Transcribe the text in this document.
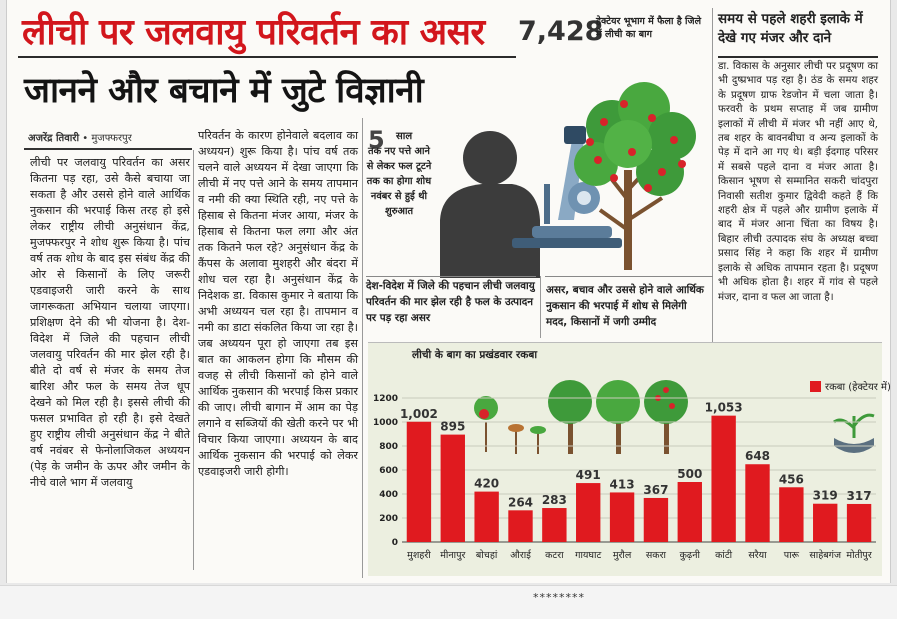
लीची पर जलवायु परिवर्तन का असर
जानने और बचाने में जुटे विज्ञानी
7,428
हेक्टेयर भूभाग में फैला है जिले में लीची का बाग
अजरेंद्र तिवारी • मुजफ्फरपुर
लीची पर जलवायु परिवर्तन का असर कितना पड़ रहा, उसे कैसे बचाया जा सकता है और उससे होने वाले आर्थिक नुकसान की भरपाई किस तरह हो इसे लेकर राष्ट्रीय लीची अनुसंधान केंद्र, मुजफ्फरपुर ने शोध शुरू किया है। पांच वर्ष तक शोध के बाद इस संबंध केंद्र की ओर से किसानों के लिए जरूरी एडवाइजरी जारी करने के साथ जागरूकता अभियान चलाया जाएगा। प्रशिक्षण देने की भी योजना है। देश-विदेश में जिले की पहचान लीची जलवायु परिवर्तन की मार झेल रही है। बीते दो वर्ष से मंजर के समय तेज बारिश और फल के समय तेज धूप देखने को मिल रही है। इससे लीची की फसल प्रभावित हो रही है। इसे देखते हुए राष्ट्रीय लीची अनुसंधान केंद्र ने बीते वर्ष नवंबर से फेनोलाजिकल अध्ययन (पेड़ के जमीन के ऊपर और जमीन के नीचे वाले भाग में जलवायु
परिवर्तन के कारण होनेवाले बदलाव का अध्ययन) शुरू किया है। पांच वर्ष तक चलने वाले अध्ययन में देखा जाएगा कि लीची में नए पत्ते आने के समय तापमान व नमी की क्या स्थिति रही, नए पत्ते के हिसाब से कितना मंजर आया, मंजर के हिसाब से कितना फल लगा और अंत तक कितने फल रहे? अनुसंधान केंद्र के कैंपस के अलावा मुशहरी और बंदरा में शोध चल रहा है। अनुसंधान केंद्र के निदेशक डा. विकास कुमार ने बताया कि अभी अध्ययन चल रहा है। तापमान व नमी का डाटा संकलित किया जा रहा है। जब अध्ययन पूरा हो जाएगा तब इस बात का आकलन होगा कि मौसम की वजह से लीची किसानों को होने वाले आर्थिक नुकसान की भरपाई किस प्रकार की जाए। लीची बागान में आम का पेड़ लगाने व सब्जियों की खेती करने पर भी विचार किया जाएगा। अध्ययन के बाद आर्थिक नुकसान की भरपाई को लेकर एडवाइजरी जारी होगी।
समय से पहले शहरी इलाके में देखे गए मंजर और दाने
डा. विकास के अनुसार लीची पर प्रदूषण का भी दुष्प्रभाव पड़ रहा है। ठंड के समय शहर के प्रदूषण ग्राफ रेडजोन में चला जाता है। फरवरी के प्रथम सप्ताह में जब ग्रामीण इलाकों में लीची में मंजर भी नहीं आए थे, तब शहर के बावनबीघा व अन्य इलाकों के पेड़ में दाने आ गए थे। बड़ी ईदगाह परिसर में सबसे पहले दाना व मंजर आता है। किसान भूषण से सम्मानित सकरी चांदपुरा निवासी सतीश कुमार द्विवेदी कहते हैं कि शहरी क्षेत्र में पहले और ग्रामीण इलाके में बाद में मंजर आना चिंता का विषय है। बिहार लीची उत्पादक संघ के अध्यक्ष बच्चा प्रसाद सिंह ने कहा कि शहर में ग्रामीण इलाके से अधिक तापमान रहता है। प्रदूषण भी अधिक होता है। शहर में गांव से पहले मंजर, दाना व फल आ जाता है।
5 साल
तक नए पत्ते आने से लेकर फल टूटने तक का होगा शोध नवंबर से हुई थी शुरुआत
देश-विदेश में जिले की पहचान लीची जलवायु परिवर्तन की मार झेल रही है फल के उत्पादन पर पड़ रहा असर
असर, बचाव और उससे होने वाले आर्थिक नुकसान की भरपाई में शोध से मिलेगी मदद, किसानों में जगी उम्मीद
लीची के बाग का प्रखंडवार रकबा
रकबा (हेक्टेयर में)
0
200
400
600
800
1000
1200
1,002
मुशहरी
895
मीनापुर
420
बोचहां
264
औराई
283
कटरा
491
गायघाट
413
मुरौल
367
सकरा
500
कुढ़नी
1,053
कांटी
648
सरैया
456
पारू
319
साहेबगंज
317
मोतीपुर
********
